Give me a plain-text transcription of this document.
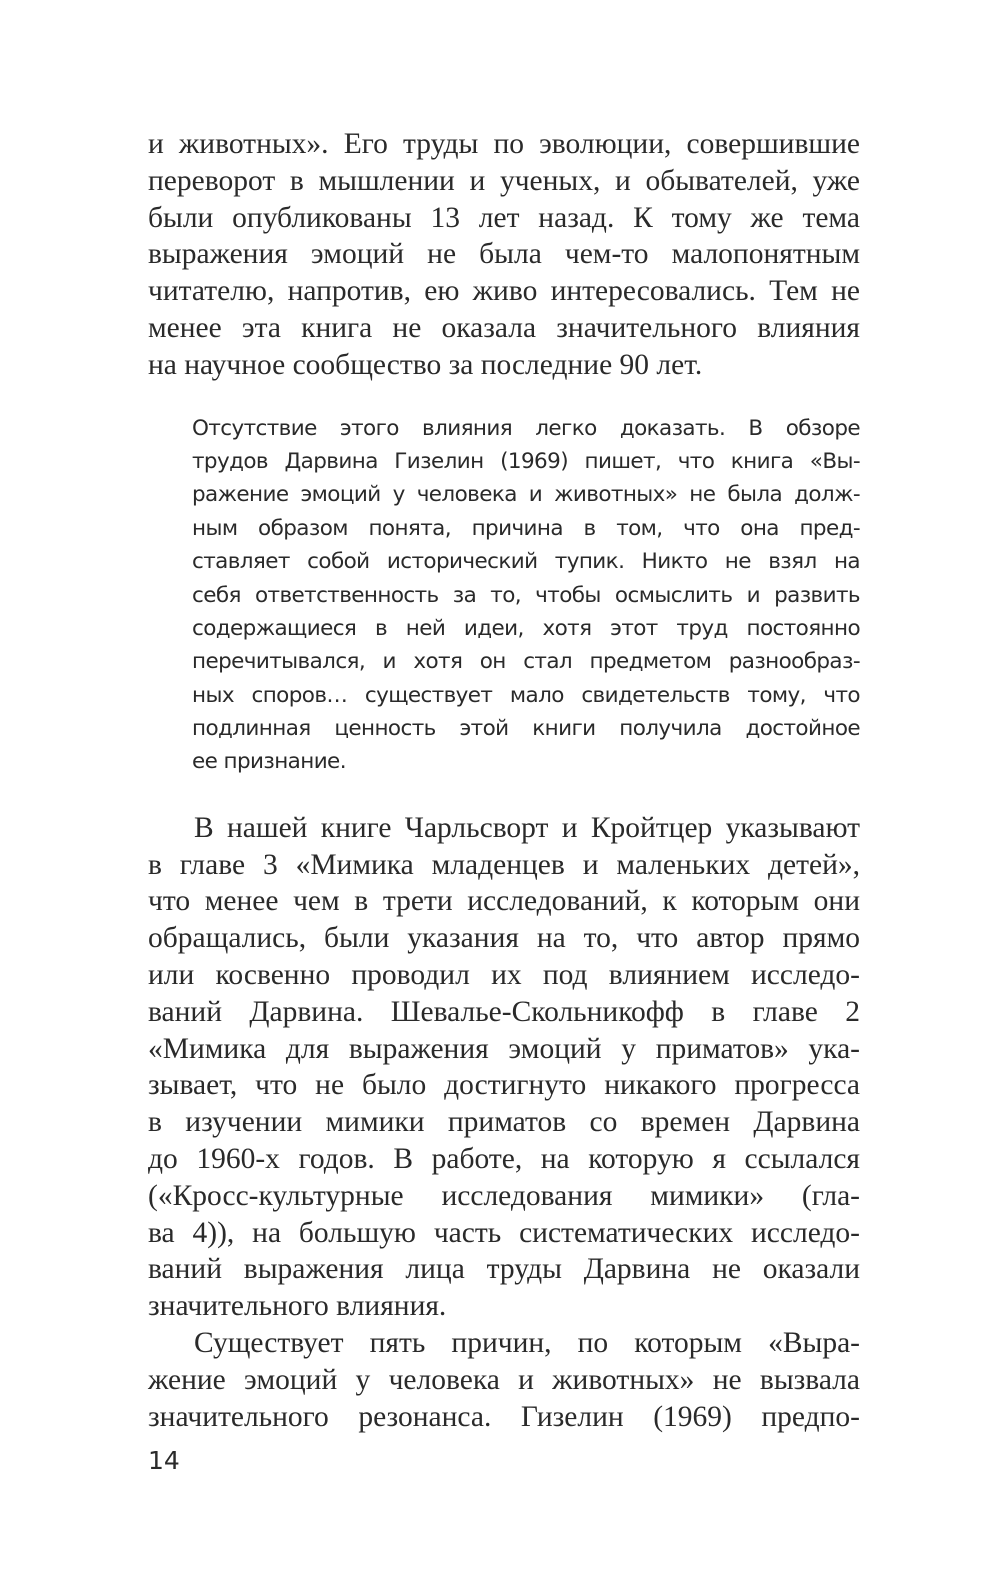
и животных». Его труды по эволюции, совершившие
переворот в мышлении и ученых, и обывателей, уже
были опубликованы 13 лет назад. К тому же тема
выражения эмоций не была чем-то малопонятным
читателю, напротив, ею живо интересовались. Тем не
менее эта книга не оказала значительного влияния
на научное сообщество за последние 90 лет.
Отсутствие этого влияния легко доказать. В обзоре
трудов Дарвина Гизелин (1969) пишет, что книга «Вы-
ражение эмоций у человека и животных» не была долж-
ным образом понята, причина в том, что она пред-
ставляет собой исторический тупик. Никто не взял на
себя ответственность за то, чтобы осмыслить и развить
содержащиеся в ней идеи, хотя этот труд постоянно
перечитывался, и хотя он стал предметом разнообраз-
ных споров… существует мало свидетельств тому, что
подлинная ценность этой книги получила достойное
ее признание.
В нашей книге Чарльсворт и Кройтцер указывают
в главе 3 «Мимика младенцев и маленьких детей»,
что менее чем в трети исследований, к которым они
обращались, были указания на то, что автор прямо
или косвенно проводил их под влиянием исследо-
ваний Дарвина. Шевалье-Скольникофф в главе 2
«Мимика для выражения эмоций у приматов» ука-
зывает, что не было достигнуто никакого прогресса
в изучении мимики приматов со времен Дарвина
до 1960-х годов. В работе, на которую я ссылался
(«Кросс-культурные исследования мимики» (гла-
ва 4)), на большую часть систематических исследо-
ваний выражения лица труды Дарвина не оказали
значительного влияния.
Существует пять причин, по которым «Выра-
жение эмоций у человека и животных» не вызвала
значительного резонанса. Гизелин (1969) предпо-
14
